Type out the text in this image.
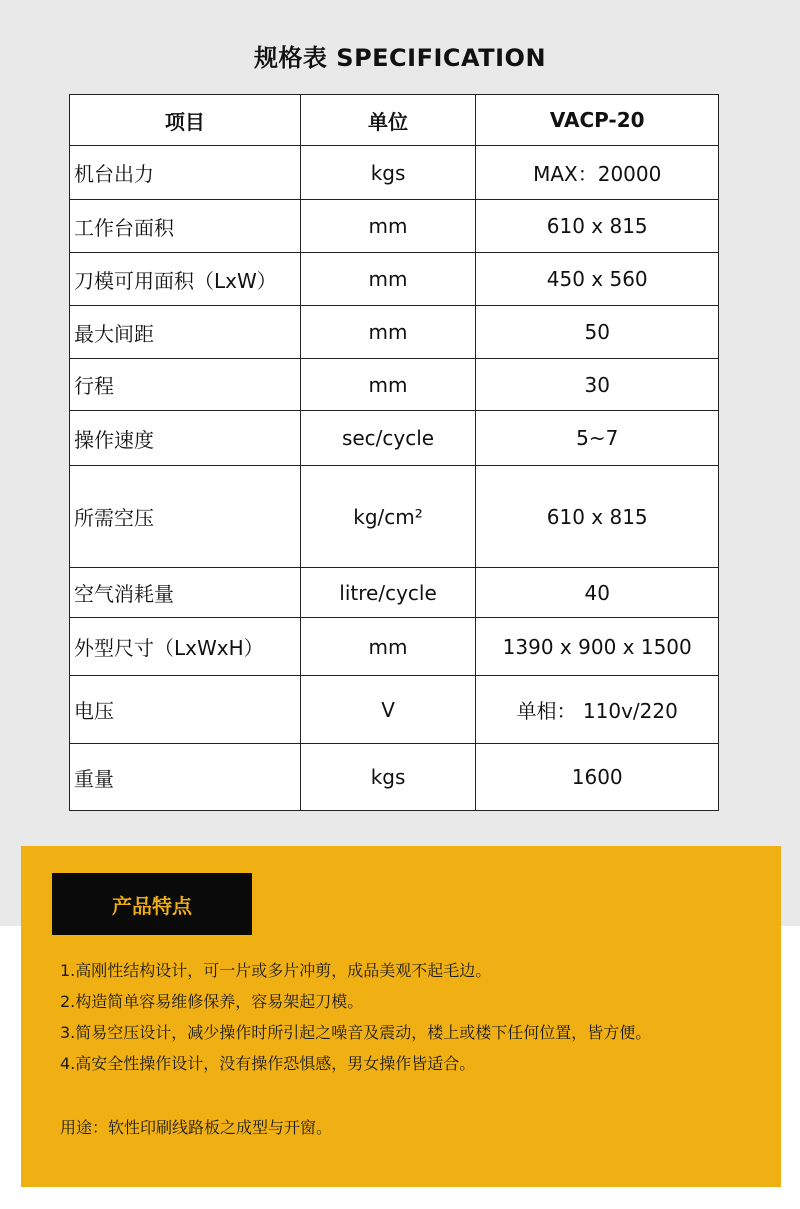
规格表 SPECIFICATION
项目	单位	VACP-20
机台出力	kgs	MAX：20000
工作台面积	mm	610 x 815
刀模可用面积（LxW）	mm	450 x 560
最大间距	mm	50
行程	mm	30
操作速度	sec/cycle	5~7
所需空压	kg/cm²	610 x 815
空气消耗量	litre/cycle	40
外型尺寸（LxWxH）	mm	1390 x 900 x 1500
电压	V	单相： 110v/220
重量	kgs	1600
产品特点
1.高刚性结构设计，可一片或多片冲剪，成品美观不起毛边。
2.构造简单容易维修保养，容易架起刀模。
3.简易空压设计，减少操作时所引起之噪音及震动，楼上或楼下任何位置，皆方便。
4.高安全性操作设计，没有操作恐惧感，男女操作皆适合。
用途：软性印刷线路板之成型与开窗。
